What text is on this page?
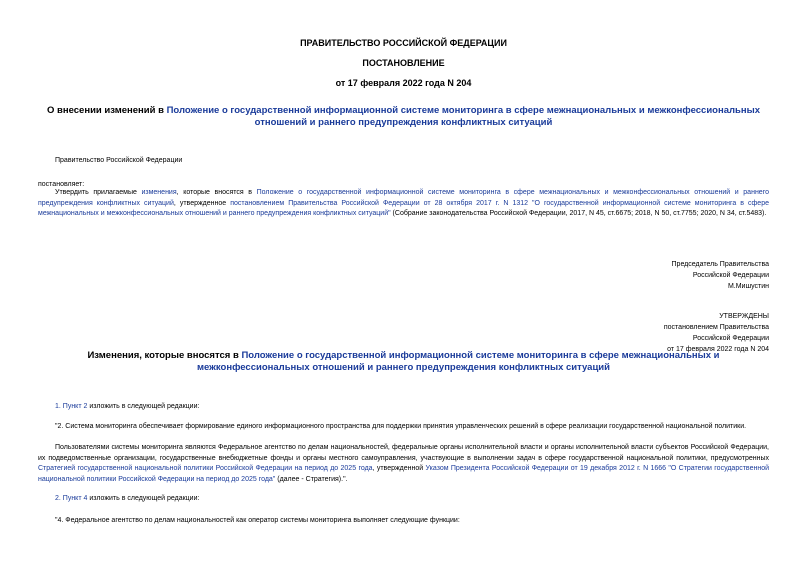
ПРАВИТЕЛЬСТВО РОССИЙСКОЙ ФЕДЕРАЦИИ
ПОСТАНОВЛЕНИЕ
от 17 февраля 2022 года N 204
О внесении изменений в Положение о государственной информационной системе мониторинга в сфере межнациональных и межконфессиональных отношений и раннего предупреждения конфликтных ситуаций
Правительство Российской Федерации
постановляет:
Утвердить прилагаемые изменения, которые вносятся в Положение о государственной информационной системе мониторинга в сфере межнациональных и межконфессиональных отношений и раннего предупреждения конфликтных ситуаций, утвержденное постановлением Правительства Российской Федерации от 28 октября 2017 г. N 1312 "О государственной информационной системе мониторинга в сфере межнациональных и межконфессиональных отношений и раннего предупреждения конфликтных ситуаций" (Собрание законодательства Российской Федерации, 2017, N 45, ст.6675; 2018, N 50, ст.7755; 2020, N 34, ст.5483).
Председатель Правительства
Российской Федерации
М.Мишустин
УТВЕРЖДЕНЫ
постановлением Правительства
Российской Федерации
от 17 февраля 2022 года N 204
Изменения, которые вносятся в Положение о государственной информационной системе мониторинга в сфере межнациональных и межконфессиональных отношений и раннего предупреждения конфликтных ситуаций
1. Пункт 2 изложить в следующей редакции:
"2. Система мониторинга обеспечивает формирование единого информационного пространства для поддержки принятия управленческих решений в сфере реализации государственной национальной политики.
Пользователями системы мониторинга являются Федеральное агентство по делам национальностей, федеральные органы исполнительной власти и органы исполнительной власти субъектов Российской Федерации, их подведомственные организации, государственные внебюджетные фонды и органы местного самоуправления, участвующие в выполнении задач в сфере государственной национальной политики, предусмотренных Стратегией государственной национальной политики Российской Федерации на период до 2025 года, утвержденной Указом Президента Российской Федерации от 19 декабря 2012 г. N 1666 "О Стратегии государственной национальной политики Российской Федерации на период до 2025 года" (далее - Стратегия).".
2. Пункт 4 изложить в следующей редакции:
"4. Федеральное агентство по делам национальностей как оператор системы мониторинга выполняет следующие функции:
